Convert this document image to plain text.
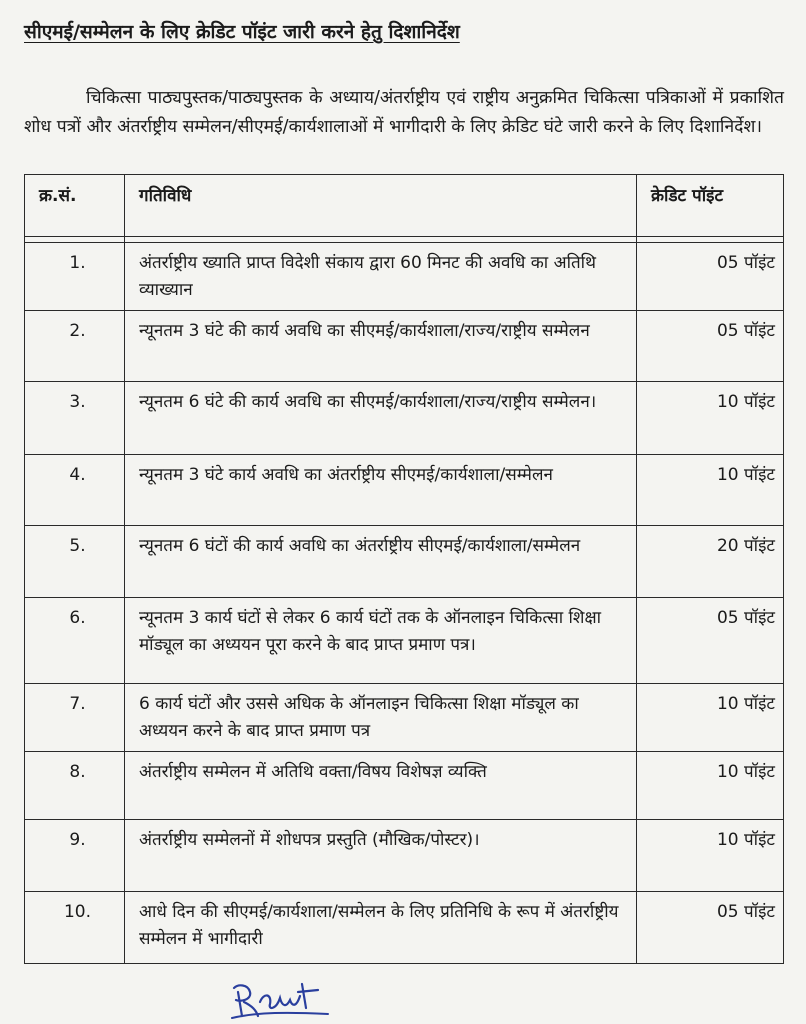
सीएमई/सम्मेलन के लिए क्रेडिट पॉइंट जारी करने हेतु दिशानिर्देश

चिकित्सा पाठ्यपुस्तक/पाठ्यपुस्तक के अध्याय/अंतर्राष्ट्रीय एवं राष्ट्रीय अनुक्रमित चिकित्सा पत्रिकाओं में प्रकाशित शोध पत्रों और अंतर्राष्ट्रीय सम्मेलन/सीएमई/कार्यशालाओं में भागीदारी के लिए क्रेडिट घंटे जारी करने के लिए दिशानिर्देश।

क्र.सं.	गतिविधि	क्रेडिट पॉइंट

1.	अंतर्राष्ट्रीय ख्याति प्राप्त विदेशी संकाय द्वारा 60 मिनट की अवधि का अतिथि व्याख्यान	05 पॉइंट
2.	न्यूनतम 3 घंटे की कार्य अवधि का सीएमई/कार्यशाला/राज्य/राष्ट्रीय सम्मेलन	05 पॉइंट
3.	न्यूनतम 6 घंटे की कार्य अवधि का सीएमई/कार्यशाला/राज्य/राष्ट्रीय सम्मेलन।	10 पॉइंट
4.	न्यूनतम 3 घंटे कार्य अवधि का अंतर्राष्ट्रीय सीएमई/कार्यशाला/सम्मेलन	10 पॉइंट
5.	न्यूनतम 6 घंटों की कार्य अवधि का अंतर्राष्ट्रीय सीएमई/कार्यशाला/सम्मेलन	20 पॉइंट
6.	न्यूनतम 3 कार्य घंटों से लेकर 6 कार्य घंटों तक के ऑनलाइन चिकित्सा शिक्षा मॉड्यूल का अध्ययन पूरा करने के बाद प्राप्त प्रमाण पत्र।	05 पॉइंट
7.	6 कार्य घंटों और उससे अधिक के ऑनलाइन चिकित्सा शिक्षा मॉड्यूल का अध्ययन करने के बाद प्राप्त प्रमाण पत्र	10 पॉइंट
8.	अंतर्राष्ट्रीय सम्मेलन में अतिथि वक्ता/विषय विशेषज्ञ व्यक्ति	10 पॉइंट
9.	अंतर्राष्ट्रीय सम्मेलनों में शोधपत्र प्रस्तुति (मौखिक/पोस्टर)।	10 पॉइंट
10.	आधे दिन की सीएमई/कार्यशाला/सम्मेलन के लिए प्रतिनिधि के रूप में अंतर्राष्ट्रीय सम्मेलन में भागीदारी	05 पॉइंट
